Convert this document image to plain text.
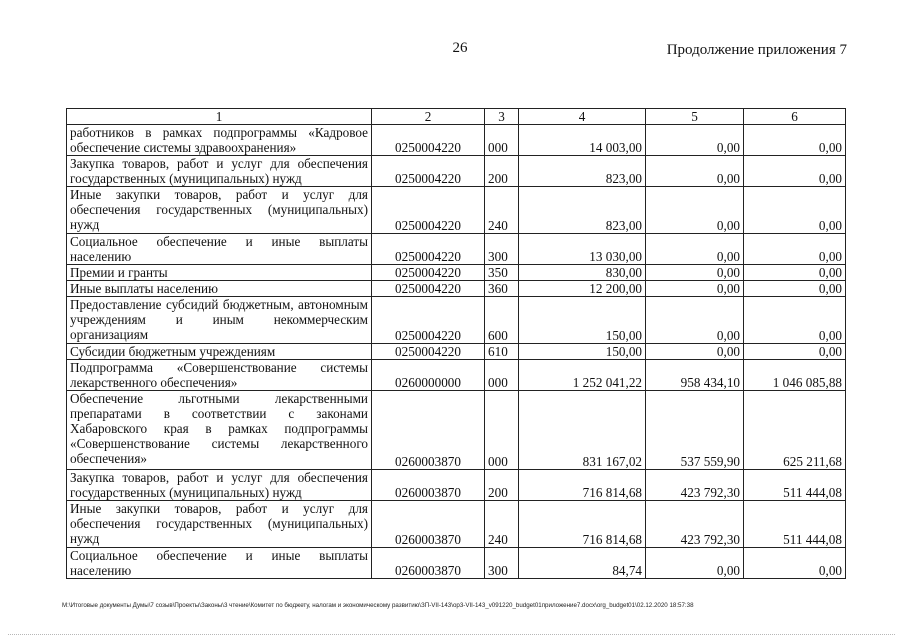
26	Продолжение приложения 7
1	2	3	4	5	6
работников в рамках подпрограммы «Кадровое обеспечение системы здравоохранения»	0250004220	000	14 003,00	0,00	0,00
Закупка товаров, работ и услуг для обеспечения государственных (муниципальных) нужд	0250004220	200	823,00	0,00	0,00
Иные закупки товаров, работ и услуг для обеспечения государственных (муниципальных) нужд	0250004220	240	823,00	0,00	0,00
Социальное обеспечение и иные выплаты населению	0250004220	300	13 030,00	0,00	0,00
Премии и гранты	0250004220	350	830,00	0,00	0,00
Иные выплаты населению	0250004220	360	12 200,00	0,00	0,00
Предоставление субсидий бюджетным, автономным учреждениям и иным некоммерческим организациям	0250004220	600	150,00	0,00	0,00
Субсидии бюджетным учреждениям	0250004220	610	150,00	0,00	0,00
Подпрограмма «Совершенствование системы лекарственного обеспечения»	0260000000	000	1 252 041,22	958 434,10	1 046 085,88
Обеспечение льготными лекарственными препаратами в соответствии с законами Хабаровского края в рамках подпрограммы «Совершенствование системы лекарственного обеспечения»	0260003870	000	831 167,02	537 559,90	625 211,68
Закупка товаров, работ и услуг для обеспечения государственных (муниципальных) нужд	0260003870	200	716 814,68	423 792,30	511 444,08
Иные закупки товаров, работ и услуг для обеспечения государственных (муниципальных) нужд	0260003870	240	716 814,68	423 792,30	511 444,08
Социальное обеспечение и иные выплаты населению	0260003870	300	84,74	0,00	0,00
M:\Итоговые документы Думы\7 созыв\Проекты\Законы\3 чтение\Комитет по бюджету, налогам и экономическому развитию\ЗП-VII-143\ор3-VII-143_v091220_budget01приложение7.docx\org_budget01\02.12.2020 18:57:38
